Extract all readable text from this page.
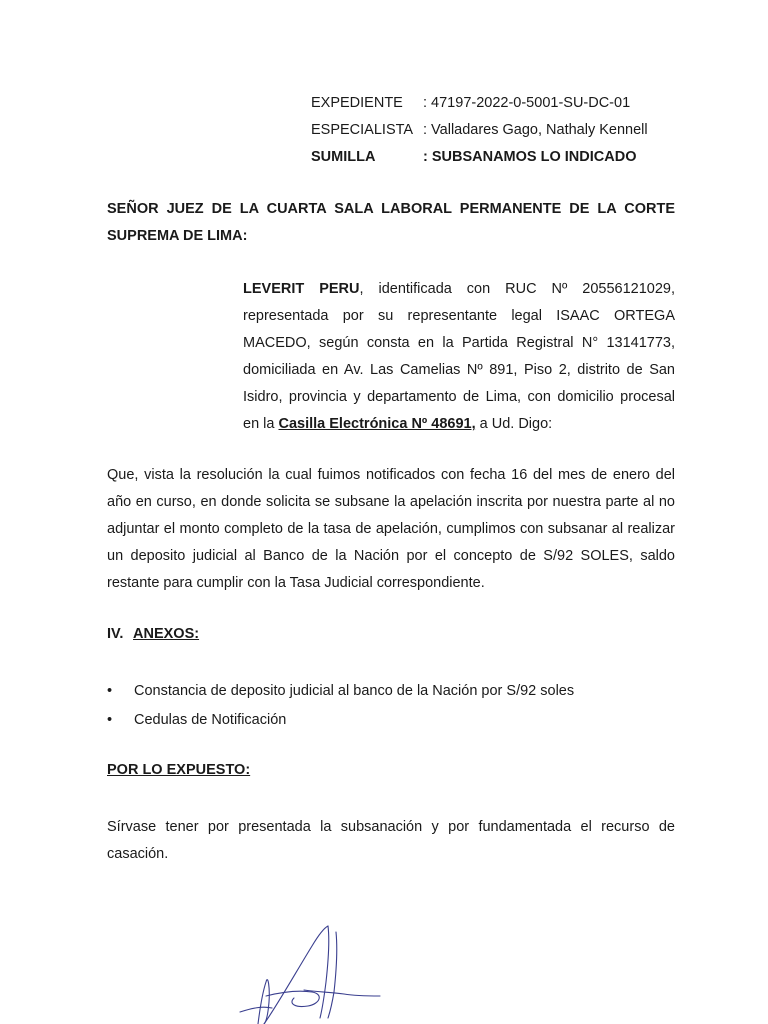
EXPEDIENTE	: 47197-2022-0-5001-SU-DC-01
ESPECIALISTA : Valladares Gago, Nathaly Kennell
SUMILLA	: SUBSANAMOS LO INDICADO
SEÑOR JUEZ DE LA CUARTA SALA LABORAL PERMANENTE DE LA CORTE SUPREMA DE LIMA:
LEVERIT PERU, identificada con RUC Nº 20556121029, representada por su representante legal ISAAC ORTEGA MACEDO, según consta en la Partida Registral N° 13141773, domiciliada en Av. Las Camelias Nº 891, Piso 2, distrito de San Isidro, provincia y departamento de Lima, con domicilio procesal en la Casilla Electrónica Nº 48691, a Ud. Digo:
Que, vista la resolución la cual fuimos notificados con fecha 16 del mes de enero del año en curso, en donde solicita se subsane la apelación inscrita por nuestra parte al no adjuntar el monto completo de la tasa de apelación, cumplimos con subsanar al realizar un deposito judicial al Banco de la Nación por el concepto de S/92 SOLES, saldo restante para cumplir con la Tasa Judicial correspondiente.
IV. ANEXOS:
• Constancia de deposito judicial al banco de la Nación por S/92 soles
• Cedulas de Notificación
POR LO EXPUESTO:
Sírvase tener por presentada la subsanación y por fundamentada el recurso de casación.
